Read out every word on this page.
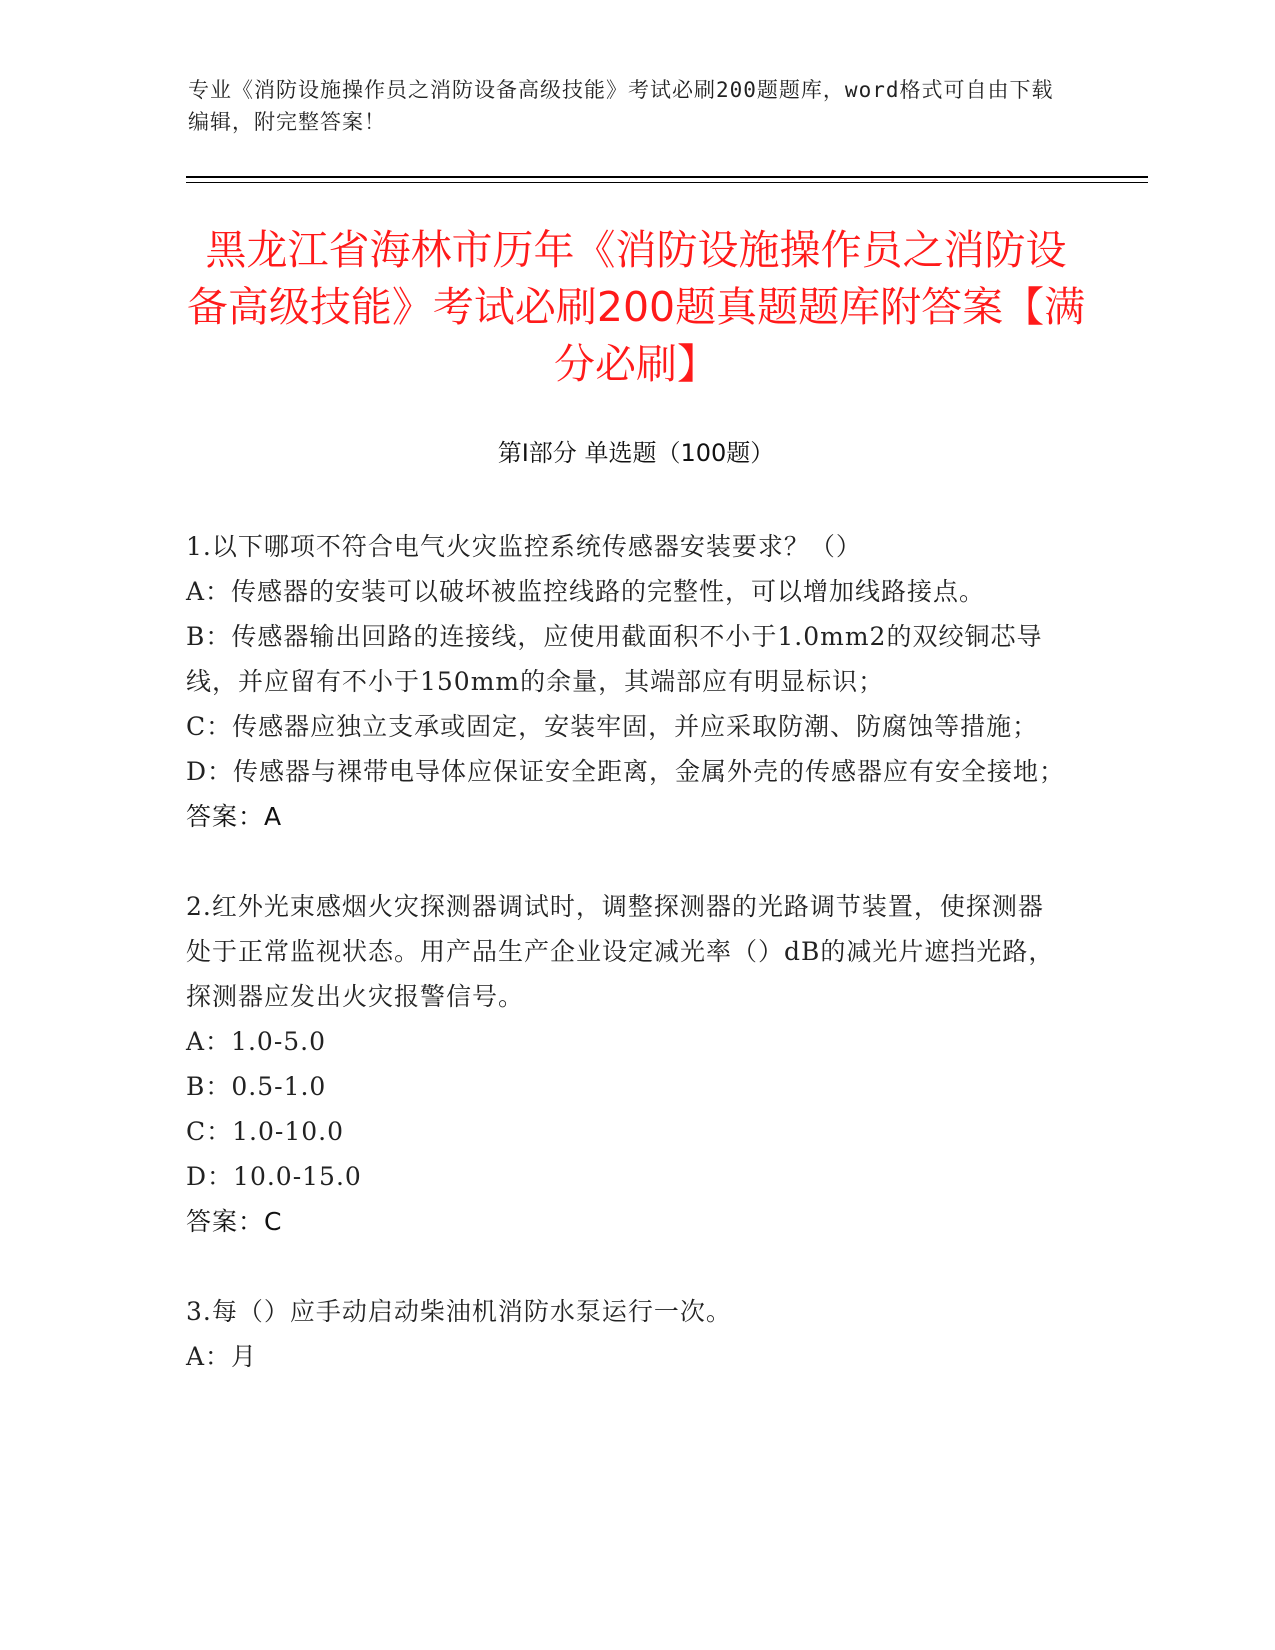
专业《消防设施操作员之消防设备高级技能》考试必刷200题题库，word格式可自由下载编辑，附完整答案！
黑龙江省海林市历年《消防设施操作员之消防设备高级技能》考试必刷200题真题题库附答案【满分必刷】
第Ⅰ部分 单选题（100题）
1.以下哪项不符合电气火灾监控系统传感器安装要求？（）
A：传感器的安装可以破坏被监控线路的完整性，可以增加线路接点。
B：传感器输出回路的连接线，应使用截面积不小于1.0mm2的双绞铜芯导线，并应留有不小于150mm的余量，其端部应有明显标识；
C：传感器应独立支承或固定，安装牢固，并应采取防潮、防腐蚀等措施；
D：传感器与裸带电导体应保证安全距离，金属外壳的传感器应有安全接地；
答案：A
2.红外光束感烟火灾探测器调试时，调整探测器的光路调节装置，使探测器处于正常监视状态。用产品生产企业设定减光率（）dB的减光片遮挡光路，探测器应发出火灾报警信号。
A：1.0-5.0
B：0.5-1.0
C：1.0-10.0
D：10.0-15.0
答案：C
3.每（）应手动启动柴油机消防水泵运行一次。
A：月
